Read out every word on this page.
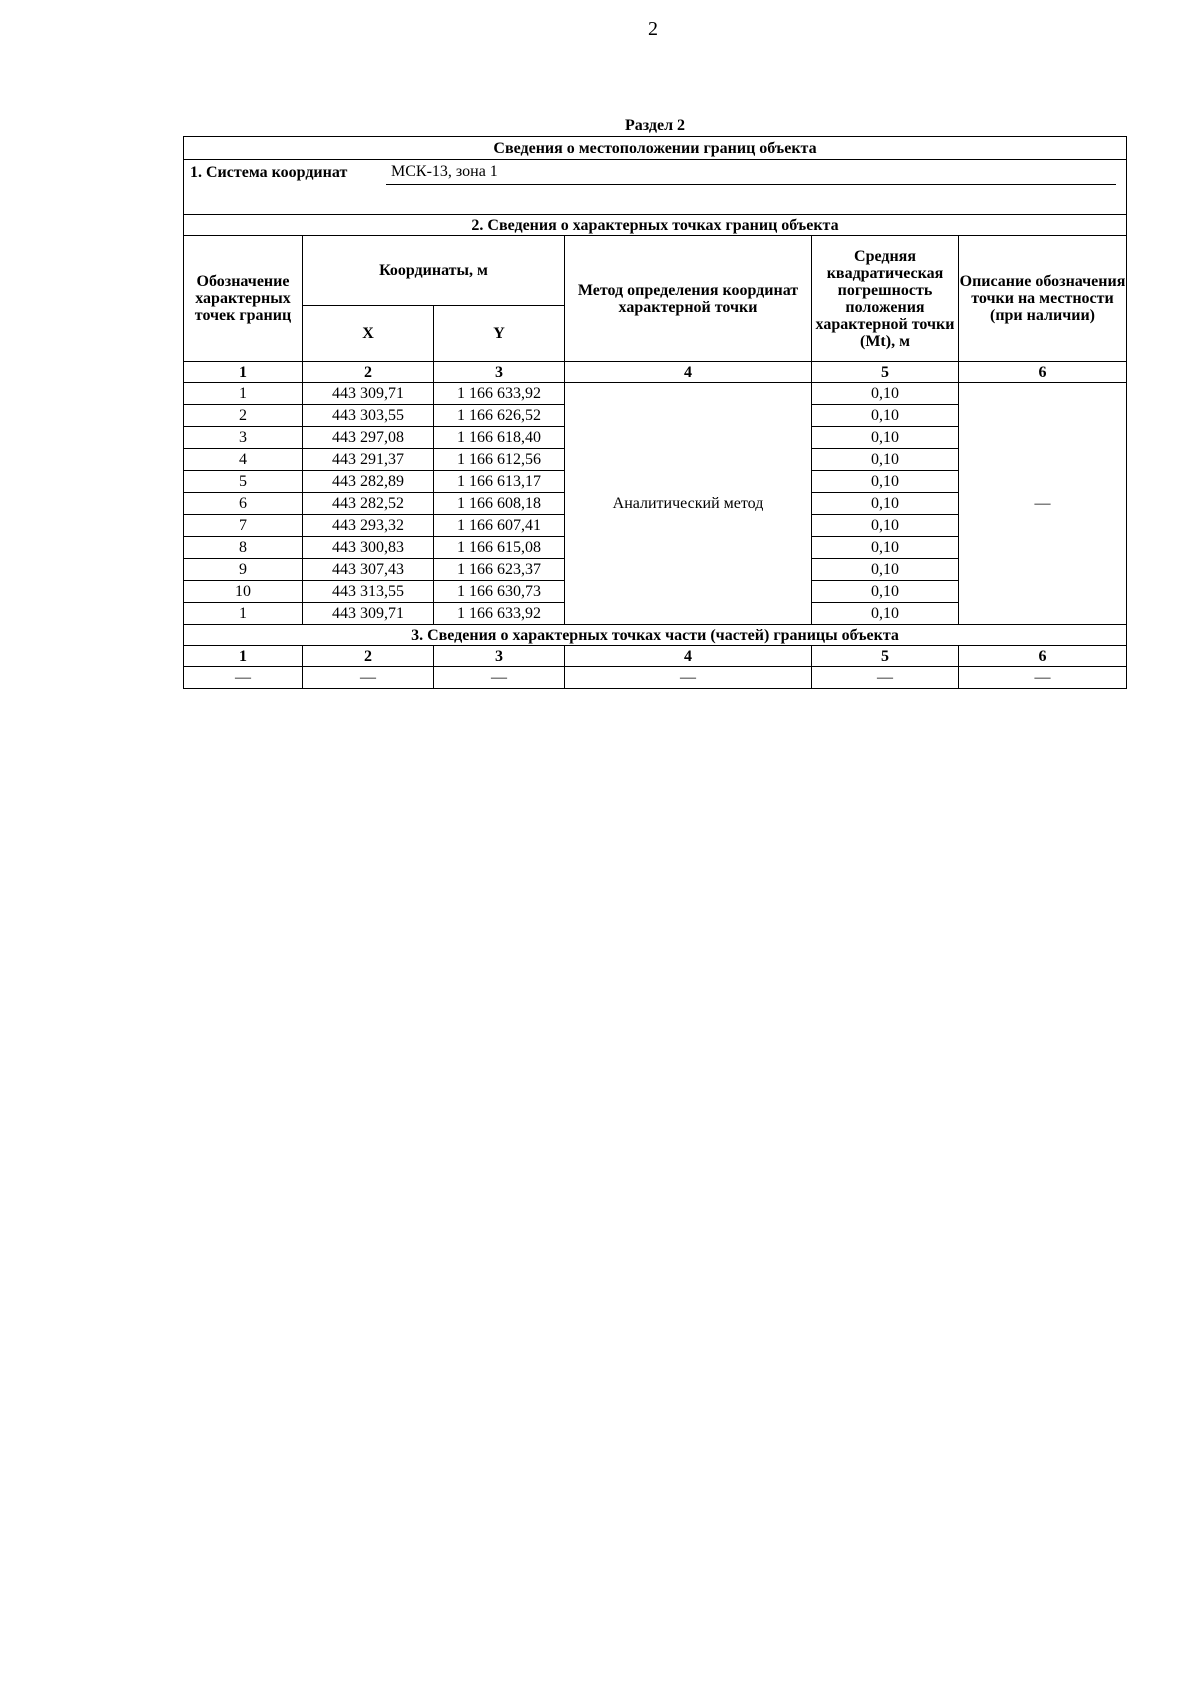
2
Раздел 2
Сведения о местоположении границ объекта					

1. Система координат МСК-13, зона 1					

2. Сведения о характерных точках границ объекта					
Обозначение характерных точек границ	Координаты, м		Метод определения координат характерной точки	Средняя квадратическая погрешность положения характерной точки (Mt), м	Описание обозначения точки на местности (при наличии)
	X	Y			
1	2	3	4	5	6
1	443 309,71	1 166 633,92	Аналитический метод	0,10	—
2	443 303,55	1 166 626,52		0,10	
3	443 297,08	1 166 618,40		0,10	
4	443 291,37	1 166 612,56		0,10	
5	443 282,89	1 166 613,17		0,10	
6	443 282,52	1 166 608,18		0,10	
7	443 293,32	1 166 607,41		0,10	
8	443 300,83	1 166 615,08		0,10	
9	443 307,43	1 166 623,37		0,10	
10	443 313,55	1 166 630,73		0,10	
1	443 309,71	1 166 633,92		0,10	
3. Сведения о характерных точках части (частей) границы объекта					
1	2	3	4	5	6
—	—	—	—	—	—
